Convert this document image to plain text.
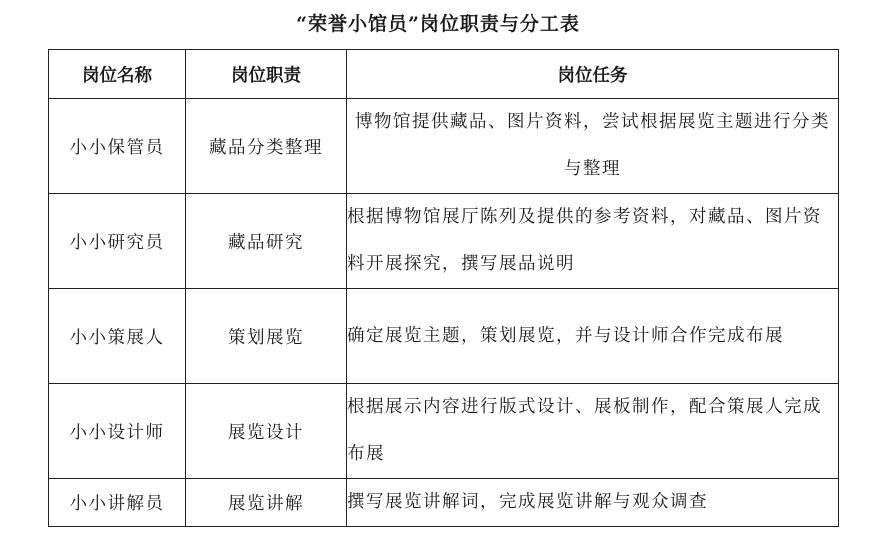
“荣誉小馆员”岗位职责与分工表
岗位名称	岗位职责	岗位任务
小小保管员	藏品分类整理	博物馆提供藏品、图片资料，尝试根据展览主题进行分类与整理
小小研究员	藏品研究	根据博物馆展厅陈列及提供的参考资料，对藏品、图片资料开展探究，撰写展品说明
小小策展人	策划展览	确定展览主题，策划展览，并与设计师合作完成布展
小小设计师	展览设计	根据展示内容进行版式设计、展板制作，配合策展人完成布展
小小讲解员	展览讲解	撰写展览讲解词，完成展览讲解与观众调查
